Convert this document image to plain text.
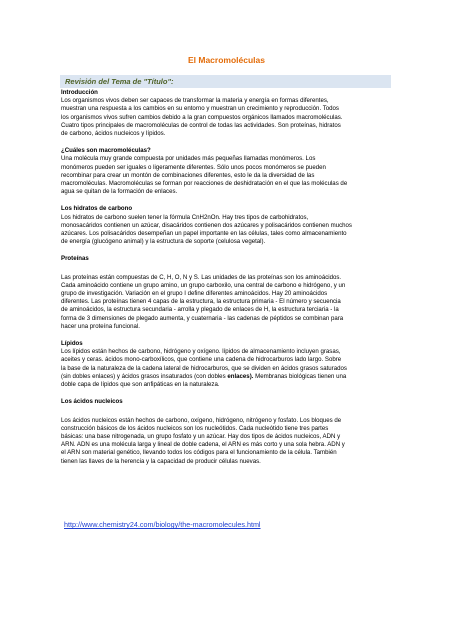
El Macromoléculas
Revisión del Tema de "Título":
Introducción
Los organismos vivos deben ser capaces de transformar la materia y energía en formas diferentes,
muestran una respuesta a los cambios en su entorno y muestran un crecimiento y reproducción. Todos
los organismos vivos sufren cambios debido a la gran compuestos orgánicos llamados macromoléculas.
Cuatro tipos principales de macromoléculas de control de todas las actividades. Son proteínas, hidratos
de carbono, ácidos nucleicos y lípidos.
¿Cuáles son macromoléculas?
Una molécula muy grande compuesta por unidades más pequeñas llamadas monómeros. Los
monómeros pueden ser iguales o ligeramente diferentes. Sólo unos pocos monómeros se pueden
recombinar para crear un montón de combinaciones diferentes, esto le da la diversidad de las
macromoléculas. Macromoléculas se forman por reacciones de deshidratación en el que las moléculas de
agua se quitan de la formación de enlaces.
Los hidratos de carbono
Los hidratos de carbono suelen tener la fórmula CnH2nOn. Hay tres tipos de carbohidratos,
monosacáridos contienen un azúcar, disacáridos contienen dos azúcares y polisacáridos contienen muchos
azúcares. Los polisacáridos desempeñan un papel importante en las células, tales como almacenamiento
de energía (glucógeno animal) y la estructura de soporte (celulosa vegetal).
Proteínas
Las proteínas están compuestas de C, H, O, N y S. Las unidades de las proteínas son los aminoácidos.
Cada aminoácido contiene un grupo amino, un grupo carboxilo, una central de carbono e hidrógeno, y un
grupo de investigación. Variación en el grupo I define diferentes aminoácidos. Hay 20 aminoácidos
diferentes. Las proteínas tienen 4 capas de la estructura, la estructura primaria - El número y secuencia
de aminoácidos, la estructura secundaria - arrolla y plegado de enlaces de H, la estructura terciaria - la
forma de 3 dimensiones de plegado aumenta, y cuaternaria - las cadenas de péptidos se combinan para
hacer una proteína funcional.
Lípidos
Los lípidos están hechos de carbono, hidrógeno y oxígeno. lípidos de almacenamiento incluyen grasas,
aceites y ceras. ácidos mono-carboxílicos, que contiene una cadena de hidrocarburos lado largo. Sobre
la base de la naturaleza de la cadena lateral de hidrocarburos, que se dividen en ácidos grasos saturados
(sin dobles enlaces) y ácidos grasos insaturados (con dobles enlaces). Membranas biológicas tienen una
doble capa de lípidos que son anfipáticas en la naturaleza.
Los ácidos nucleicos
Los ácidos nucleicos están hechos de carbono, oxígeno, hidrógeno, nitrógeno y fosfato. Los bloques de
construcción básicos de los ácidos nucleicos son los nucleótidos. Cada nucleótido tiene tres partes
básicas: una base nitrogenada, un grupo fosfato y un azúcar. Hay dos tipos de ácidos nucleicos, ADN y
ARN. ADN es una molécula larga y lineal de doble cadena, el ARN es más corto y una sola hebra. ADN y
el ARN son material genético, llevando todos los códigos para el funcionamiento de la célula. También
tienen las llaves de la herencia y la capacidad de producir células nuevas.
http://www.chemistry24.com/biology/the-macromolecules.html
